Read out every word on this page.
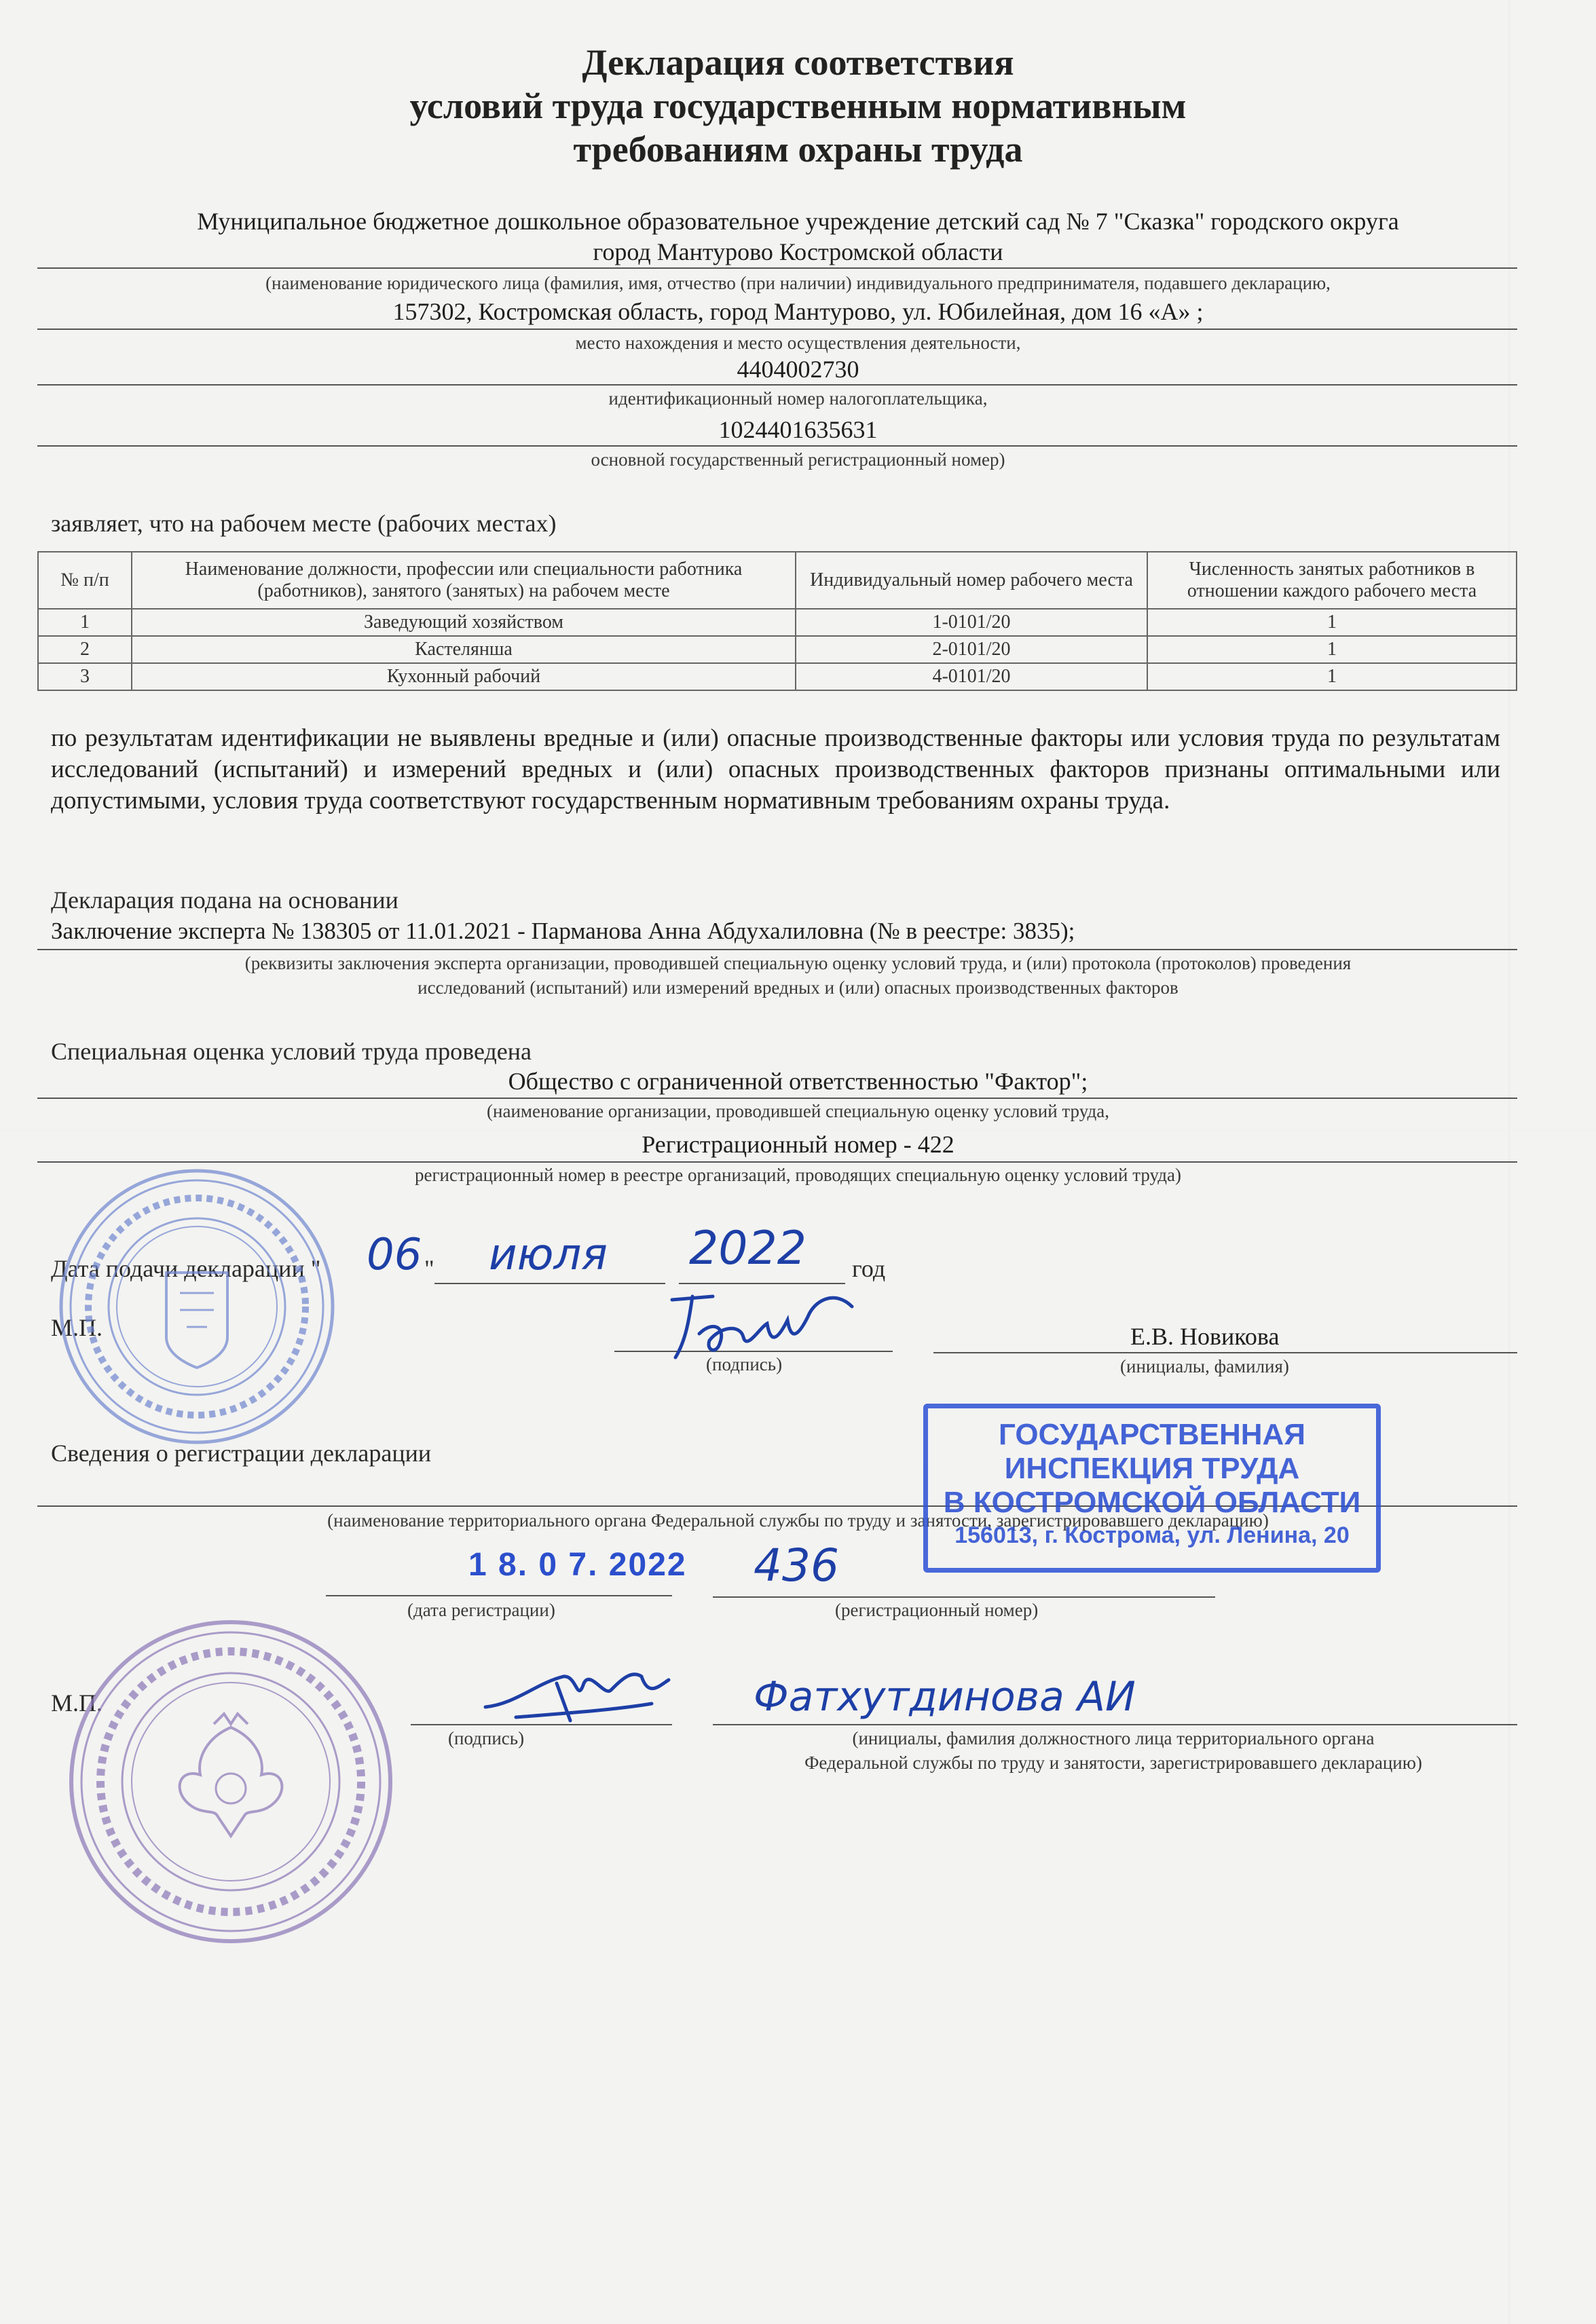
Декларация соответствия
условий труда государственным нормативным
требованиям охраны труда
Муниципальное бюджетное дошкольное образовательное учреждение детский сад № 7 "Сказка" городского округа
город Мантурово Костромской области
(наименование юридического лица (фамилия, имя, отчество (при наличии) индивидуального предпринимателя, подавшего декларацию,
157302, Костромская область, город Мантурово, ул. Юбилейная, дом 16 «А» ;
место нахождения и место осуществления деятельности,
4404002730
идентификационный номер налогоплательщика,
1024401635631
основной государственный регистрационный номер)
заявляет, что на рабочем месте (рабочих местах)
№ п/п	Наименование должности, профессии или специальности работника (работников), занятого (занятых) на рабочем месте	Индивидуальный номер рабочего места	Численность занятых работников в отношении каждого рабочего места
1	Заведующий хозяйством	1-0101/20	1
2	Кастелянша	2-0101/20	1
3	Кухонный рабочий	4-0101/20	1
по результатам идентификации не выявлены вредные и (или) опасные производственные факторы или условия труда по результатам исследований (испытаний) и измерений вредных и (или) опасных производственных факторов признаны оптимальными или допустимыми, условия труда соответствуют государственным нормативным требованиям охраны труда.
Декларация подана на основании
Заключение эксперта № 138305 от 11.01.2021 - Парманова Анна Абдухалиловна (№ в реестре: 3835);
(реквизиты заключения эксперта организации, проводившей специальную оценку условий труда, и (или) протокола (протоколов) проведения
исследований (испытаний) или измерений вредных и (или) опасных производственных факторов
Специальная оценка условий труда проведена
Общество с ограниченной ответственностью "Фактор";
(наименование организации, проводившей специальную оценку условий труда,
Регистрационный номер - 422
регистрационный номер в реестре организаций, проводящих специальную оценку условий труда)
Дата подачи декларации " 06 " июля 2022 год
М.П.
(подпись)
Е.В. Новикова
(инициалы, фамилия)
Сведения о регистрации декларации
(наименование территориального органа Федеральной службы по труду и занятости, зарегистрировавшего декларацию)
1 8. 0 7. 2022
(дата регистрации)
436
(регистрационный номер)
М.П.
(подпись)
Фатхутдинова АИ
(инициалы, фамилия должностного лица территориального органа
Федеральной службы по труду и занятости, зарегистрировавшего декларацию)
ГОСУДАРСТВЕННАЯ
ИНСПЕКЦИЯ ТРУДА
В КОСТРОМСКОЙ ОБЛАСТИ
156013, г. Кострома, ул. Ленина, 20
